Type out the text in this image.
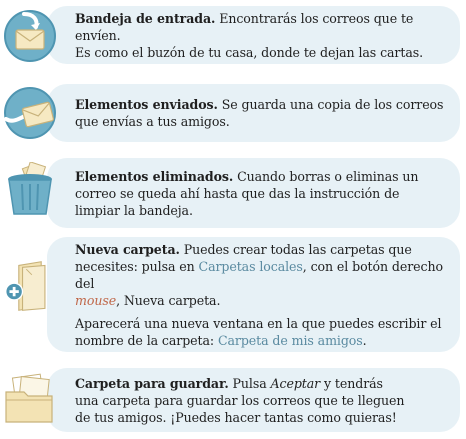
Bandeja de entrada. Encontrarás los correos que te envíen.
Es como el buzón de tu casa, donde te dejan las cartas.

Elementos enviados. Se guarda una copia de los correos
que envías a tus amigos.

Elementos eliminados. Cuando borras o eliminas un
correo se queda ahí hasta que das la instrucción de
limpiar la bandeja.

Nueva carpeta. Puedes crear todas las carpetas que
necesites: pulsa en Carpetas locales, con el botón derecho del
mouse, Nueva carpeta.

Aparecerá una nueva ventana en la que puedes escribir el
nombre de la carpeta: Carpeta de mis amigos.

Carpeta para guardar. Pulsa Aceptar y tendrás
una carpeta para guardar los correos que te lleguen
de tus amigos. ¡Puedes hacer tantas como quieras!
